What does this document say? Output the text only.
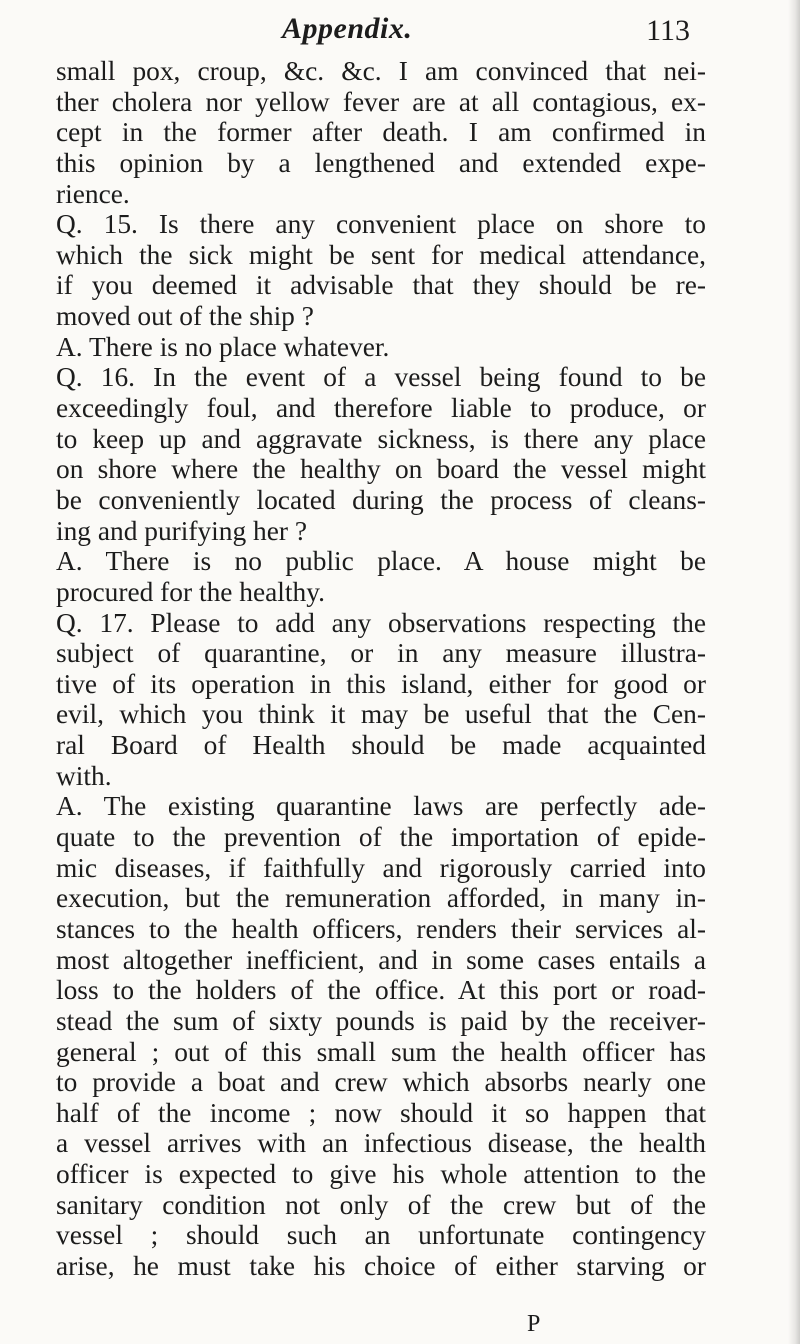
Appendix.	113
small pox, croup, &c. &c. I am convinced that nei-
ther cholera nor yellow fever are at all contagious, ex-
cept in the former after death. I am confirmed in
this opinion by a lengthened and extended expe-
rience.
Q. 15. Is there any convenient place on shore to
which the sick might be sent for medical attendance,
if you deemed it advisable that they should be re-
moved out of the ship ?
A. There is no place whatever.
Q. 16. In the event of a vessel being found to be
exceedingly foul, and therefore liable to produce, or
to keep up and aggravate sickness, is there any place
on shore where the healthy on board the vessel might
be conveniently located during the process of cleans-
ing and purifying her ?
A. There is no public place. A house might be
procured for the healthy.
Q. 17. Please to add any observations respecting the
subject of quarantine, or in any measure illustra-
tive of its operation in this island, either for good or
evil, which you think it may be useful that the Cen-
ral Board of Health should be made acquainted
with.
A. The existing quarantine laws are perfectly ade-
quate to the prevention of the importation of epide-
mic diseases, if faithfully and rigorously carried into
execution, but the remuneration afforded, in many in-
stances to the health officers, renders their services al-
most altogether inefficient, and in some cases entails a
loss to the holders of the office. At this port or road-
stead the sum of sixty pounds is paid by the receiver-
general ; out of this small sum the health officer has
to provide a boat and crew which absorbs nearly one
half of the income ; now should it so happen that
a vessel arrives with an infectious disease, the health
officer is expected to give his whole attention to the
sanitary condition not only of the crew but of the
vessel ; should such an unfortunate contingency
arise, he must take his choice of either starving or
P
